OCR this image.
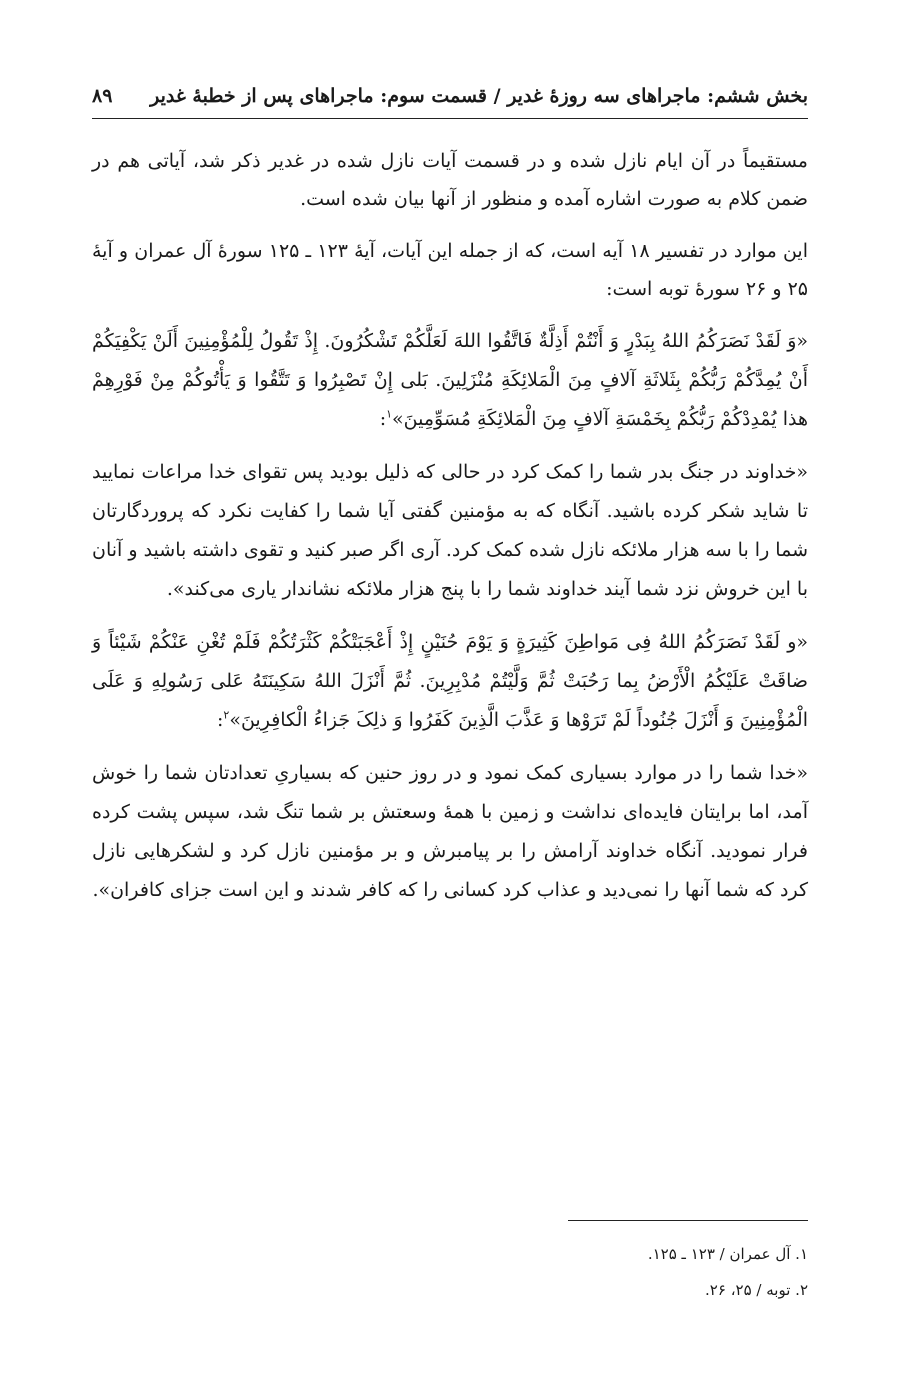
بخش ششم: ماجراهای سه روزهٔ غدیر / قسمت سوم: ماجراهای پس از خطبهٔ غدیر
۸۹

مستقیماً در آن ایام نازل شده و در قسمت آیات نازل شده در غدیر ذکر شد، آیاتی هم در ضمن کلام به صورت اشاره آمده و منظور از آنها بیان شده است.

این موارد در تفسیر ۱۸ آیه است، که از جمله این آیات، آیهٔ ۱۲۳ ـ ۱۲۵ سورهٔ آل عمران و آیهٔ ۲۵ و ۲۶ سورهٔ توبه است:

«وَ لَقَدْ نَصَرَکُمُ اللهُ بِبَدْرٍ وَ أَنْتُمْ أَذِلَّةٌ فَاتَّقُوا اللهَ لَعَلَّکُمْ تَشْکُرُونَ. إِذْ تَقُولُ لِلْمُؤْمِنِینَ أَلَنْ یَکْفِیَکُمْ أَنْ یُمِدَّکُمْ رَبُّکُمْ بِثَلاثَةِ آلافٍ مِنَ الْمَلائِکَةِ مُنْزَلِینَ. بَلی إِنْ تَصْبِرُوا وَ تَتَّقُوا وَ یَأْتُوکُمْ مِنْ فَوْرِهِمْ هذا یُمْدِدْکُمْ رَبُّکُمْ بِخَمْسَةِ آلافٍ مِنَ الْمَلائِکَةِ مُسَوِّمِینَ»$^۱$:

«خداوند در جنگ بدر شما را کمک کرد در حالی که ذلیل بودید پس تقوای خدا مراعات نمایید تا شاید شکر کرده باشید. آنگاه که به مؤمنین گفتی آیا شما را کفایت نکرد که پروردگارتان شما را با سه هزار ملائکه نازل شده کمک کرد. آری اگر صبر کنید و تقوی داشته باشید و آنان با این خروش نزد شما آیند خداوند شما را با پنج هزار ملائکه نشاندار یاری می‌کند».

«و لَقَدْ نَصَرَکُمُ اللهُ فِی مَواطِنَ کَثِیرَةٍ وَ یَوْمَ حُنَیْنٍ إِذْ أَعْجَبَتْکُمْ کَثْرَتُکُمْ فَلَمْ تُغْنِ عَنْکُمْ شَیْئاً وَ ضاقَتْ عَلَیْکُمُ الْأَرْضُ بِما رَحُبَتْ ثُمَّ وَلَّیْتُمْ مُدْبِرِینَ. ثُمَّ أَنْزَلَ اللهُ سَکِینَتَهُ عَلی رَسُولِهِ وَ عَلَی الْمُؤْمِنِینَ وَ أَنْزَلَ جُنُوداً لَمْ تَرَوْها وَ عَذَّبَ الَّذِینَ کَفَرُوا وَ ذلِکَ جَزاءُ الْکافِرِینَ»$^۲$:

«خدا شما را در موارد بسیاری کمک نمود و در روز حنین که بسیاریِ تعدادتان شما را خوش آمد، اما برایتان فایده‌ای نداشت و زمین با همهٔ وسعتش بر شما تنگ شد، سپس پشت کرده فرار نمودید. آنگاه خداوند آرامش را بر پیامبرش و بر مؤمنین نازل کرد و لشکرهایی نازل کرد که شما آنها را نمی‌دید و عذاب کرد کسانی را که کافر شدند و این است جزای کافران».

۱. آل عمران / ۱۲۳ ـ ۱۲۵.

۲. توبه / ۲۵، ۲۶.
